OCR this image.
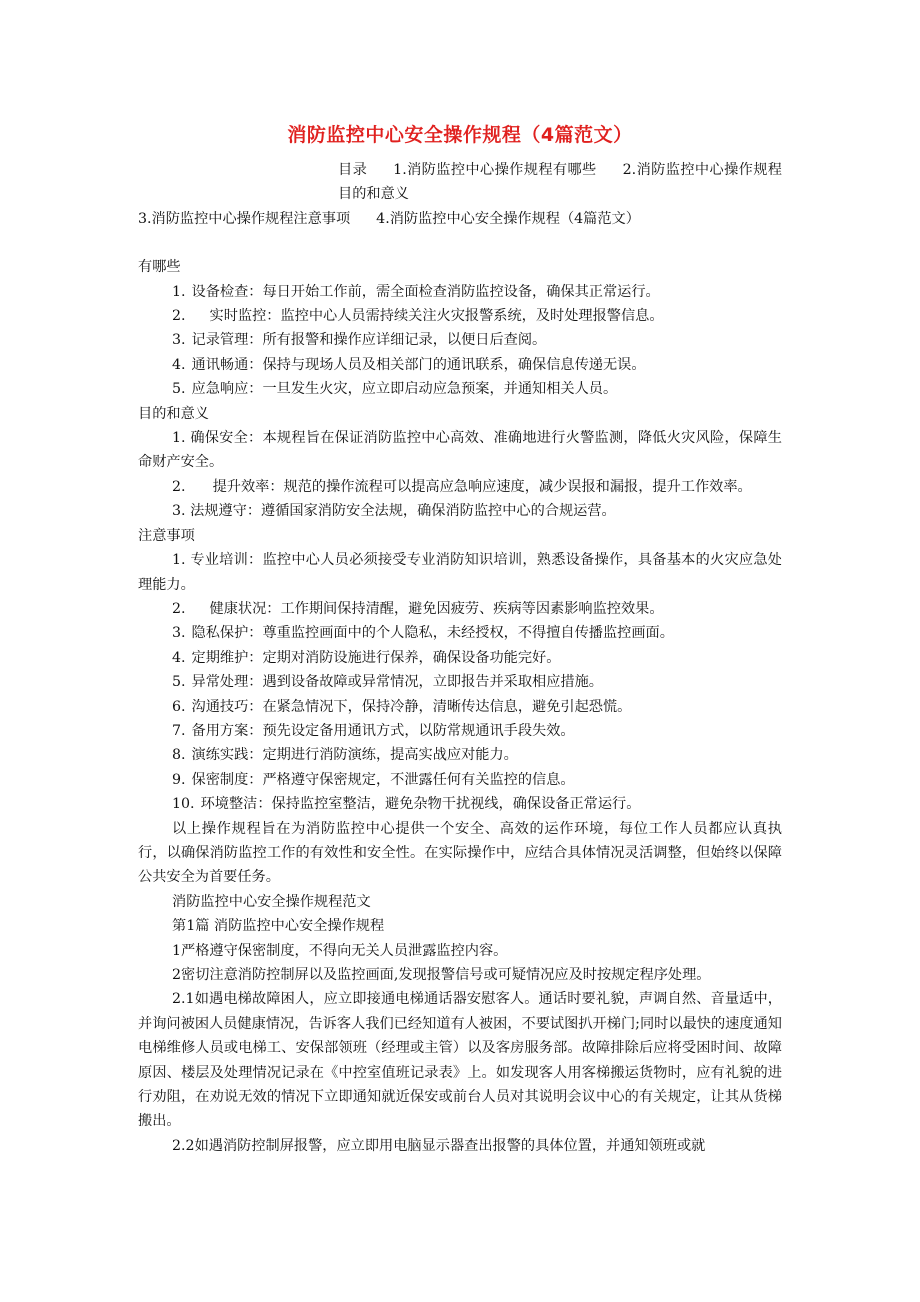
消防监控中心安全操作规程（4篇范文）
目录 1.消防监控中心操作规程有哪些 2.消防监控中心操作规程目的和意义
3.消防监控中心操作规程注意事项 4.消防监控中心安全操作规程（4篇范文）

有哪些

1. 设备检查：每日开始工作前，需全面检查消防监控设备，确保其正常运行。

2. 实时监控：监控中心人员需持续关注火灾报警系统，及时处理报警信息。

3. 记录管理：所有报警和操作应详细记录，以便日后查阅。

4. 通讯畅通：保持与现场人员及相关部门的通讯联系，确保信息传递无误。

5. 应急响应：一旦发生火灾，应立即启动应急预案，并通知相关人员。

目的和意义

1. 确保安全：本规程旨在保证消防监控中心高效、准确地进行火警监测，降低火灾风险，保障生命财产安全。

2. 提升效率：规范的操作流程可以提高应急响应速度，减少误报和漏报，提升工作效率。

3. 法规遵守：遵循国家消防安全法规，确保消防监控中心的合规运营。

注意事项

1. 专业培训：监控中心人员必须接受专业消防知识培训，熟悉设备操作，具备基本的火灾应急处理能力。

2. 健康状况：工作期间保持清醒，避免因疲劳、疾病等因素影响监控效果。

3. 隐私保护：尊重监控画面中的个人隐私，未经授权，不得擅自传播监控画面。

4. 定期维护：定期对消防设施进行保养，确保设备功能完好。

5. 异常处理：遇到设备故障或异常情况，立即报告并采取相应措施。

6. 沟通技巧：在紧急情况下，保持冷静，清晰传达信息，避免引起恐慌。

7. 备用方案：预先设定备用通讯方式，以防常规通讯手段失效。

8. 演练实践：定期进行消防演练，提高实战应对能力。

9. 保密制度：严格遵守保密规定，不泄露任何有关监控的信息。

10. 环境整洁：保持监控室整洁，避免杂物干扰视线，确保设备正常运行。

以上操作规程旨在为消防监控中心提供一个安全、高效的运作环境，每位工作人员都应认真执行，以确保消防监控工作的有效性和安全性。在实际操作中，应结合具体情况灵活调整，但始终以保障公共安全为首要任务。

消防监控中心安全操作规程范文

第1篇 消防监控中心安全操作规程

1严格遵守保密制度，不得向无关人员泄露监控内容。

2密切注意消防控制屏以及监控画面,发现报警信号或可疑情况应及时按规定程序处理。

2.1如遇电梯故障困人，应立即接通电梯通话器安慰客人。通话时要礼貌，声调自然、音量适中，并询问被困人员健康情况，告诉客人我们已经知道有人被困，不要试图扒开梯门;同时以最快的速度通知电梯维修人员或电梯工、安保部领班（经理或主管）以及客房服务部。故障排除后应将受困时间、故障原因、楼层及处理情况记录在《中控室值班记录表》上。如发现客人用客梯搬运货物时，应有礼貌的进行劝阻，在劝说无效的情况下立即通知就近保安或前台人员对其说明会议中心的有关规定，让其从货梯搬出。

2.2如遇消防控制屏报警，应立即用电脑显示器查出报警的具体位置，并通知领班或就
